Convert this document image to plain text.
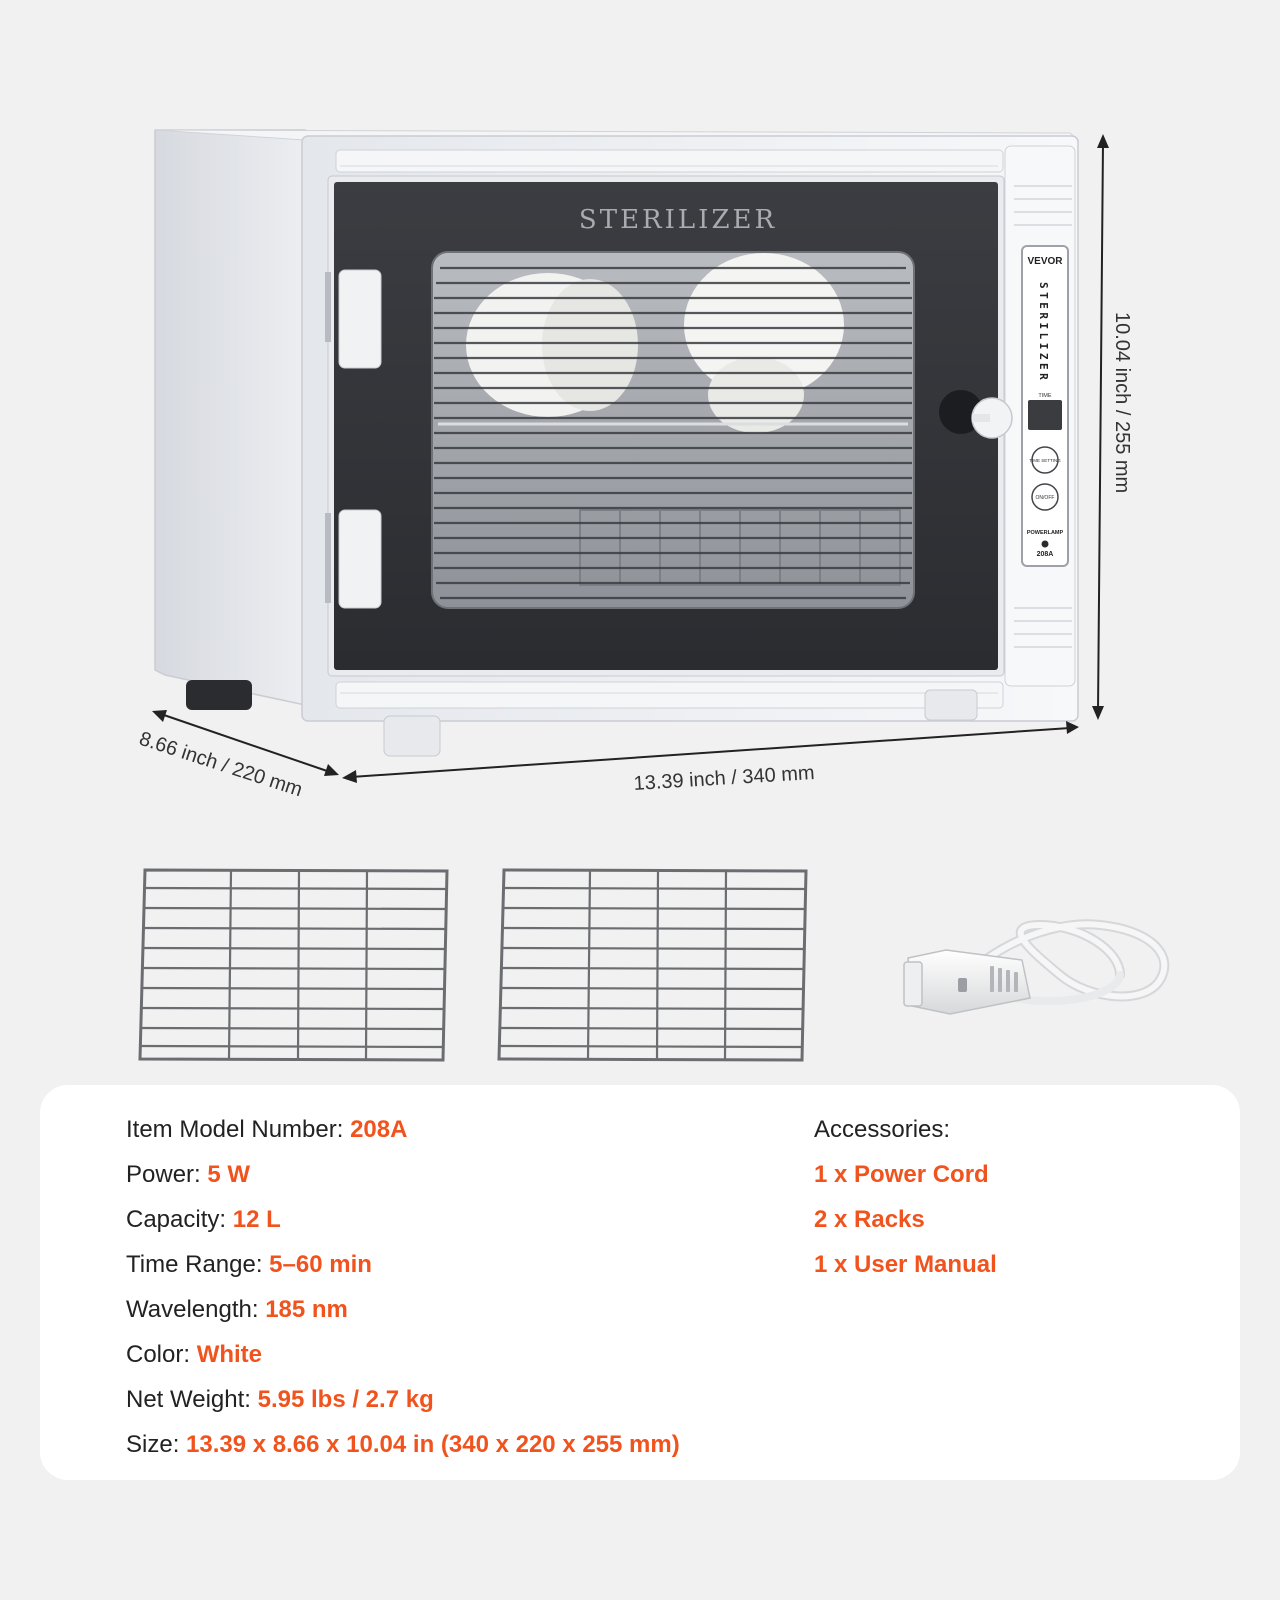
STERILIZER
VEVOR
STERILIZER
TIME
TIME SETTING
ON/OFF
POWERLAMP
208A
10.04 inch / 255 mm
13.39 inch / 340 mm
8.66 inch / 220 mm
Item Model Number: 208A
Power: 5 W
Capacity: 12 L
Time Range: 5–60 min
Wavelength: 185 nm
Color: White
Net Weight: 5.95 lbs / 2.7 kg
Size: 13.39 x 8.66 x 10.04 in (340 x 220 x 255 mm)
Accessories:
1 x Power Cord
2 x Racks
1 x User Manual
